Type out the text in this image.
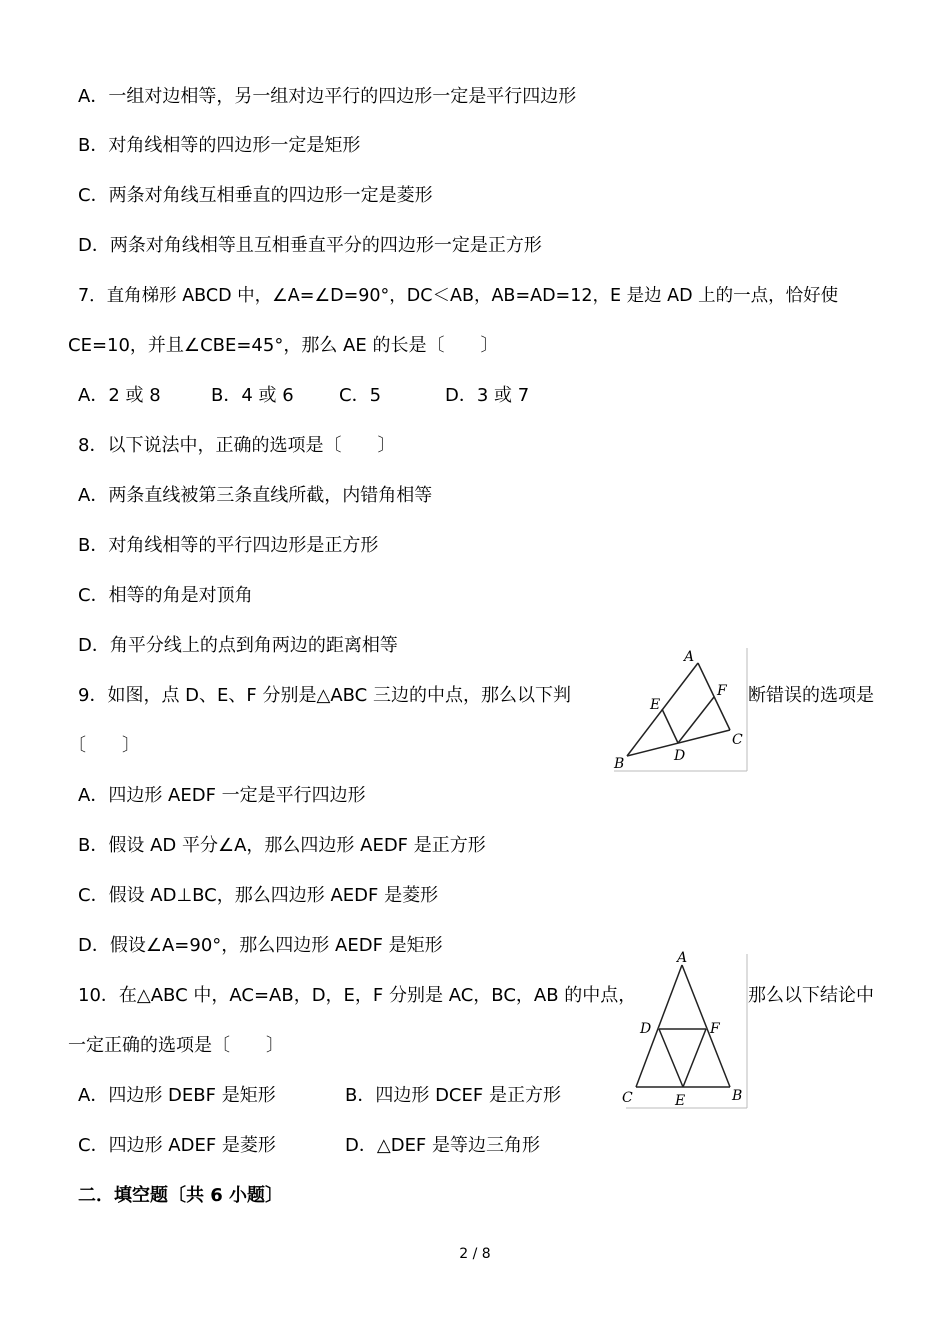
A．一组对边相等，另一组对边平行的四边形一定是平行四边形
B．对角线相等的四边形一定是矩形
C．两条对角线互相垂直的四边形一定是菱形
D．两条对角线相等且互相垂直平分的四边形一定是正方形
7．直角梯形 ABCD 中，∠A=∠D=90°，DC＜AB，AB=AD=12，E 是边 AD 上的一点，恰好使
CE=10，并且∠CBE=45°，那么 AE 的长是〔　　〕
A．2 或 8	B．4 或 6	C．5	D．3 或 7
8．以下说法中，正确的选项是〔　　〕
A．两条直线被第三条直线所截，内错角相等
B．对角线相等的平行四边形是正方形
C．相等的角是对顶角
D．角平分线上的点到角两边的距离相等
9．如图，点 D、E、F 分别是△ABC 三边的中点，那么以下判	断错误的选项是
〔　　〕
A
E
F
D
C
B
A．四边形 AEDF 一定是平行四边形
B．假设 AD 平分∠A，那么四边形 AEDF 是正方形
C．假设 AD⊥BC，那么四边形 AEDF 是菱形
D．假设∠A=90°，那么四边形 AEDF 是矩形
10．在△ABC 中，AC=AB，D，E，F 分别是 AC，BC，AB 的中点，	那么以下结论中
一定正确的选项是〔　　〕
A
D	F
C	E	B
A．四边形 DEBF 是矩形	B．四边形 DCEF 是正方形
C．四边形 ADEF 是菱形	D．△DEF 是等边三角形
二．填空题〔共 6 小题〕
2 / 8
